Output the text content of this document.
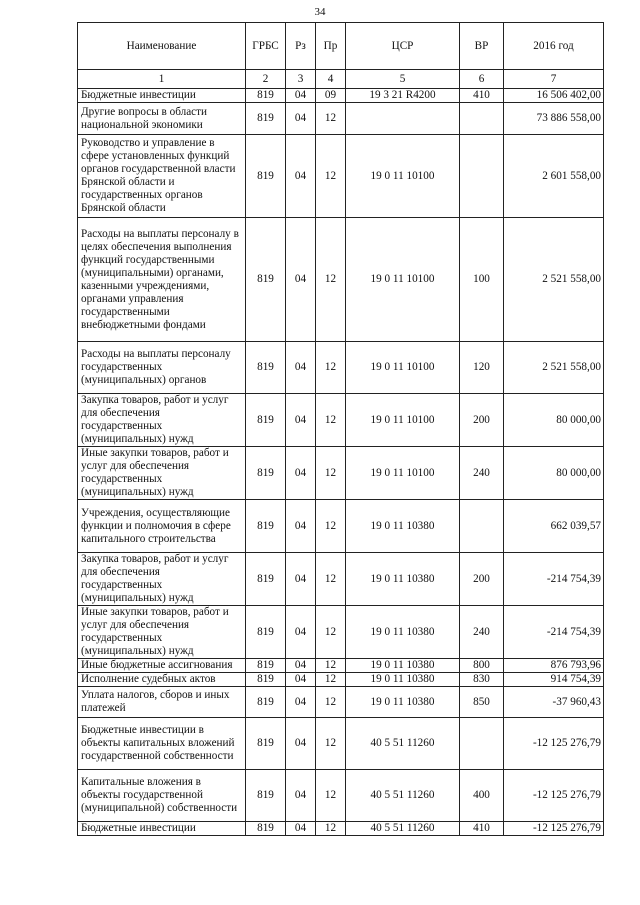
34
Наименование	ГРБС	Рз	Пр	ЦСР	ВР	2016 год
1	2	3	4	5	6	7
Бюджетные инвестиции	819	04	09	19 3 21 R4200	410	16 506 402,00
Другие вопросы в области национальной экономики	819	04	12			73 886 558,00
Руководство и управление в сфере установленных функций органов государственной власти Брянской области и государственных органов Брянской области	819	04	12	19 0 11 10100		2 601 558,00
Расходы на выплаты персоналу в целях обеспечения выполнения функций государственными (муниципальными) органами, казенными учреждениями, органами управления государственными внебюджетными фондами	819	04	12	19 0 11 10100	100	2 521 558,00
Расходы на выплаты персоналу государственных (муниципальных) органов	819	04	12	19 0 11 10100	120	2 521 558,00
Закупка товаров, работ и услуг для обеспечения государственных (муниципальных) нужд	819	04	12	19 0 11 10100	200	80 000,00
Иные закупки товаров, работ и услуг для обеспечения государственных (муниципальных) нужд	819	04	12	19 0 11 10100	240	80 000,00
Учреждения, осуществляющие функции и полномочия в сфере капитального строительства	819	04	12	19 0 11 10380		662 039,57
Закупка товаров, работ и услуг для обеспечения государственных (муниципальных) нужд	819	04	12	19 0 11 10380	200	-214 754,39
Иные закупки товаров, работ и услуг для обеспечения государственных (муниципальных) нужд	819	04	12	19 0 11 10380	240	-214 754,39
Иные бюджетные ассигнования	819	04	12	19 0 11 10380	800	876 793,96
Исполнение судебных актов	819	04	12	19 0 11 10380	830	914 754,39
Уплата налогов, сборов и иных платежей	819	04	12	19 0 11 10380	850	-37 960,43
Бюджетные инвестиции в объекты капитальных вложений государственной собственности	819	04	12	40 5 51 11260		-12 125 276,79
Капитальные вложения в объекты государственной (муниципальной) собственности	819	04	12	40 5 51 11260	400	-12 125 276,79
Бюджетные инвестиции	819	04	12	40 5 51 11260	410	-12 125 276,79
